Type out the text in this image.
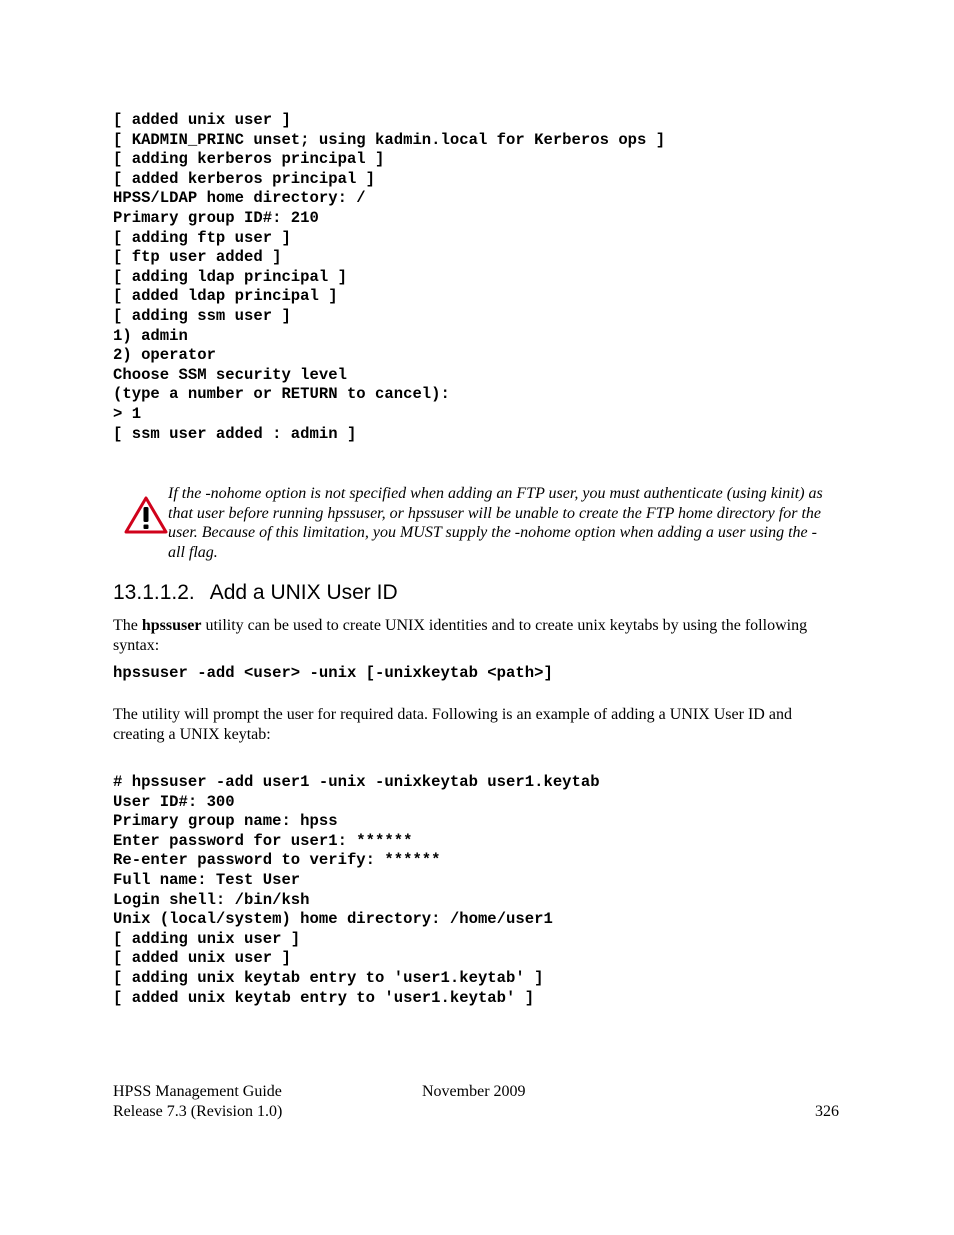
[ added unix user ]
[ KADMIN_PRINC unset; using kadmin.local for Kerberos ops ]
[ adding kerberos principal ]
[ added kerberos principal ]
HPSS/LDAP home directory: /
Primary group ID#: 210
[ adding ftp user ]
[ ftp user added ]
[ adding ldap principal ]
[ added ldap principal ]
[ adding ssm user ]
1) admin
2) operator
Choose SSM security level
(type a number or RETURN to cancel):
> 1
[ ssm user added : admin ]
If the -nohome option is not specified when adding an FTP user, you must authenticate (using kinit) as that user before running hpssuser, or hpssuser will be unable to create the FTP home directory for the user. Because of this limitation, you MUST supply the -nohome option when adding a user using the -all flag.
13.1.1.2. Add a UNIX User ID

The hpssuser utility can be used to create UNIX identities and to create unix keytabs by using the following syntax:

hpssuser -add <user> -unix [-unixkeytab <path>]

The utility will prompt the user for required data. Following is an example of adding a UNIX User ID and creating a UNIX keytab:

# hpssuser -add user1 -unix -unixkeytab user1.keytab
User ID#: 300
Primary group name: hpss
Enter password for user1: ******
Re-enter password to verify: ******
Full name: Test User
Login shell: /bin/ksh
Unix (local/system) home directory: /home/user1
[ adding unix user ]
[ added unix user ]
[ adding unix keytab entry to 'user1.keytab' ]
[ added unix keytab entry to 'user1.keytab' ]
HPSS Management Guide
Release 7.3 (Revision 1.0)
November 2009
326
